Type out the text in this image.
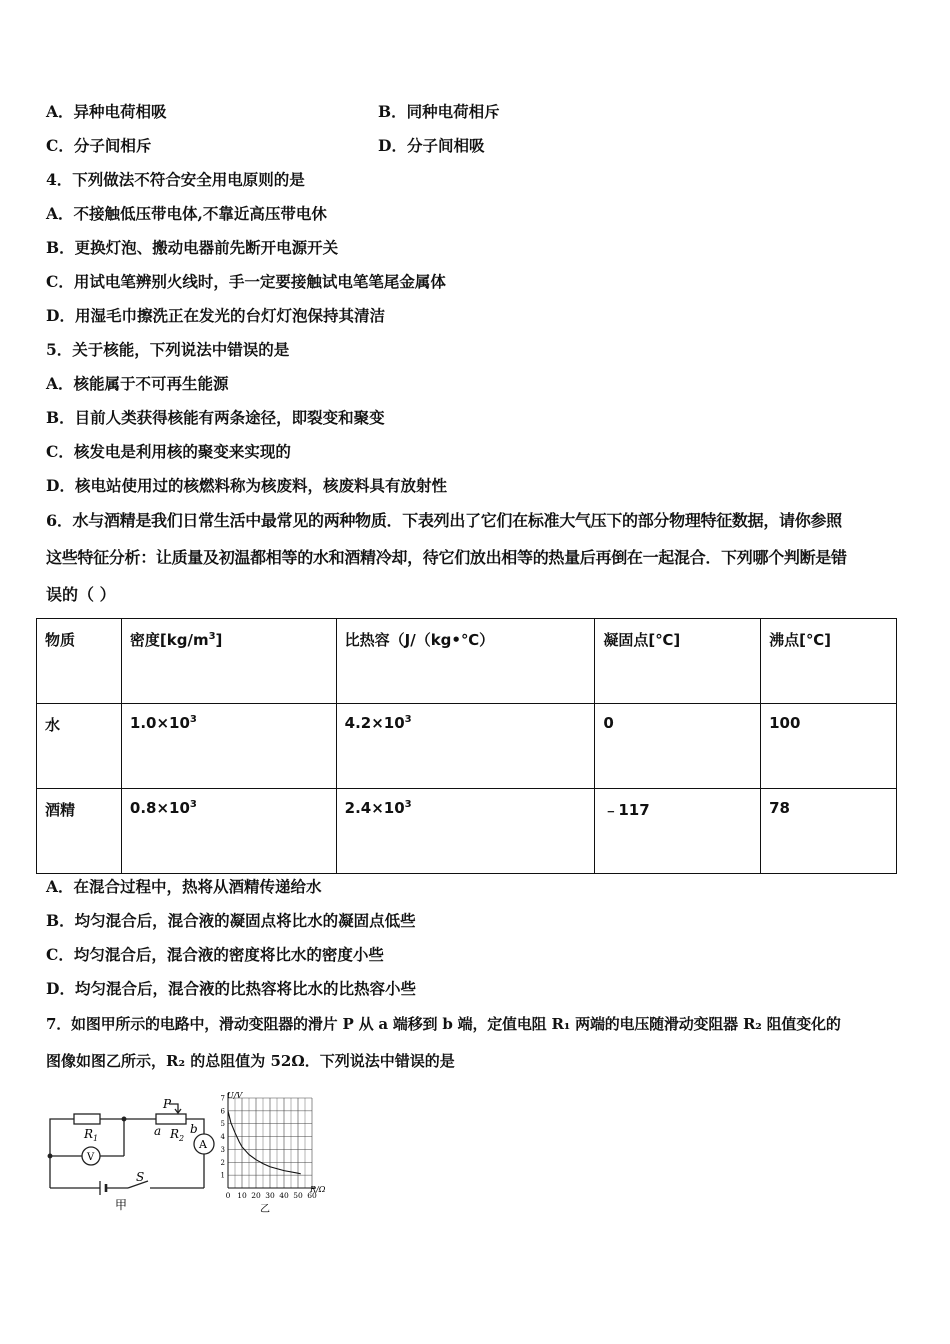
A．异种电荷相吸	B．同种电荷相斥
C．分子间相斥	D．分子间相吸
4．下列做法不符合安全用电原则的是
A．不接触低压带电体,不靠近高压带电休
B．更换灯泡、搬动电器前先断开电源开关
C．用试电笔辨别火线时，手一定要接触试电笔笔尾金属体
D．用湿毛巾擦洗正在发光的台灯灯泡保持其清洁
5．关于核能，下列说法中错误的是
A．核能属于不可再生能源
B．目前人类获得核能有两条途径，即裂变和聚变
C．核发电是利用核的聚变来实现的
D．核电站使用过的核燃料称为核废料，核废料具有放射性
6．水与酒精是我们日常生活中最常见的两种物质．下表列出了它们在标准大气压下的部分物理特征数据，请你参照
这些特征分析：让质量及初温都相等的水和酒精冷却，待它们放出相等的热量后再倒在一起混合．下列哪个判断是错
误的（ ）
物质	密度$[kg/m^3]$	比热容（J/（kg•℃）	凝固点[℃]	沸点[℃]
水	$1.0\times 10^3$	$4.2\times 10^3$	0	100
酒精	$0.8\times 10^3$	$2.4\times 10^3$	﹣117	78
A．在混合过程中，热将从酒精传递给水
B．均匀混合后，混合液的凝固点将比水的凝固点低些
C．均匀混合后，混合液的密度将比水的密度小些
D．均匀混合后，混合液的比热容将比水的比热容小些
7．如图甲所示的电路中，滑动变阻器的滑片 P 从 a 端移到 b 端，定值电阻 R₁ 两端的电压随滑动变阻器 R₂ 阻值变化的
图像如图乙所示，R₂ 的总阻值为 52Ω．下列说法中错误的是
$R_1$	$R_2$
P
a b
A
V
S
甲
0 10 20 30 40 50 60
1
2
3
4
5
6
7 U/V
R/Ω
乙
